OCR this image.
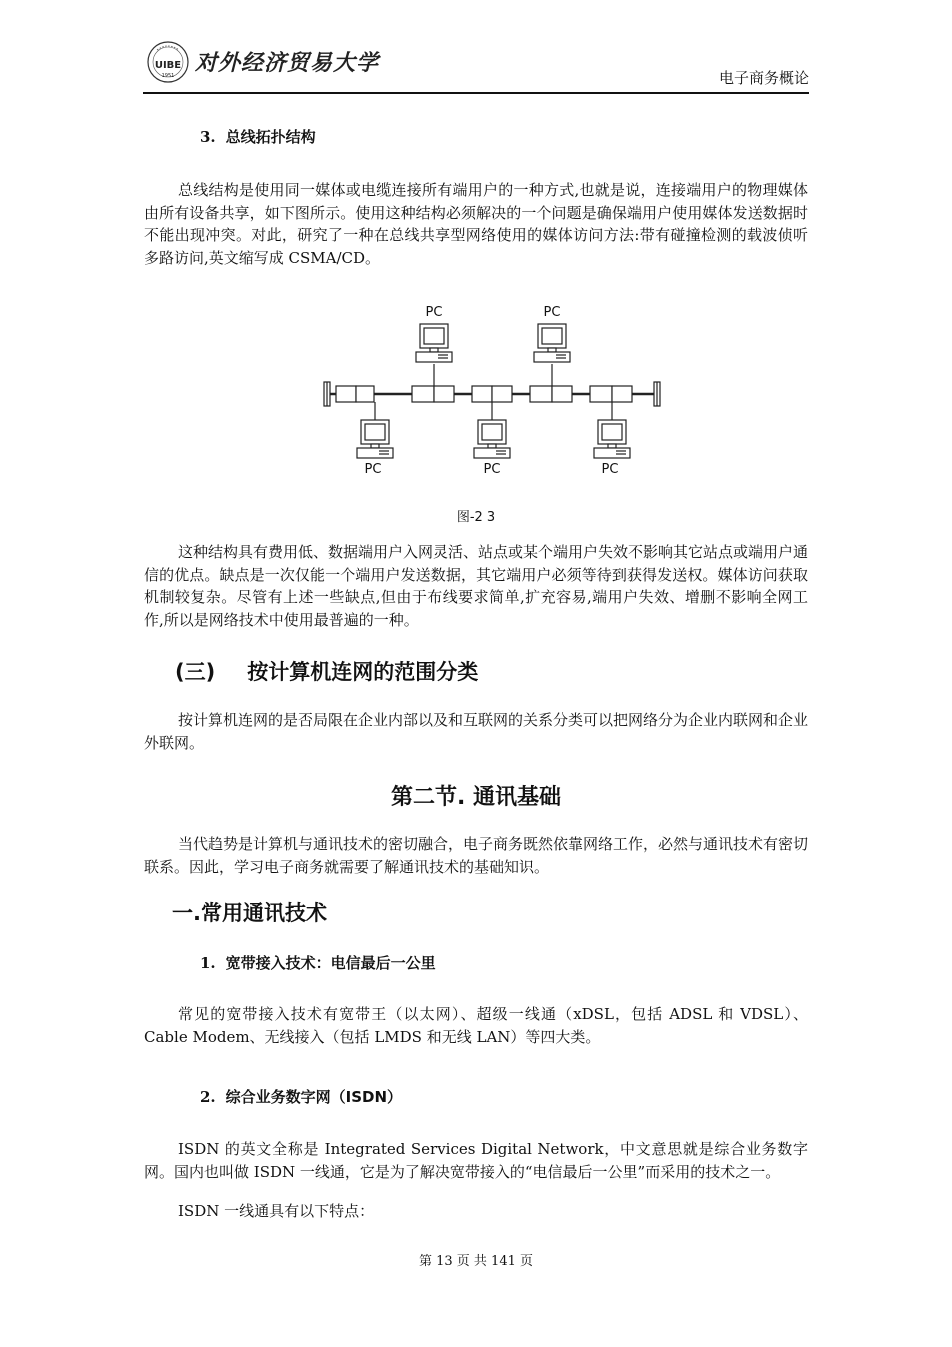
UIBE
1951 对外经济贸易大学
电子商务概论
3. 总线拓扑结构
总线结构是使用同一媒体或电缆连接所有端用户的一种方式,也就是说，连接端用户的物理媒体由所有设备共享，如下图所示。使用这种结构必须解决的一个问题是确保端用户使用媒体发送数据时不能出现冲突。对此，研究了一种在总线共享型网络使用的媒体访问方法:带有碰撞检测的载波侦听多路访问,英文缩写成 CSMA/CD。
PC	PC
PC	PC	PC
图-2 3
这种结构具有费用低、数据端用户入网灵活、站点或某个端用户失效不影响其它站点或端用户通信的优点。缺点是一次仅能一个端用户发送数据，其它端用户必须等待到获得发送权。媒体访问获取机制较复杂。尽管有上述一些缺点,但由于布线要求简单,扩充容易,端用户失效、增删不影响全网工作,所以是网络技术中使用最普遍的一种。
(三) 按计算机连网的范围分类
按计算机连网的是否局限在企业内部以及和互联网的关系分类可以把网络分为企业内联网和企业外联网。
第二节. 通讯基础
当代趋势是计算机与通讯技术的密切融合，电子商务既然依靠网络工作，必然与通讯技术有密切联系。因此，学习电子商务就需要了解通讯技术的基础知识。
一.常用通讯技术
1. 宽带接入技术：电信最后一公里
常见的宽带接入技术有宽带王（以太网）、超级一线通（xDSL，包括 ADSL 和 VDSL）、Cable Modem、无线接入（包括 LMDS 和无线 LAN）等四大类。
2. 综合业务数字网（ISDN）
ISDN 的英文全称是 Integrated Services Digital Network，中文意思就是综合业务数字网。国内也叫做 ISDN 一线通，它是为了解决宽带接入的“电信最后一公里”而采用的技术之一。
ISDN 一线通具有以下特点：
第 13 页 共 141 页
